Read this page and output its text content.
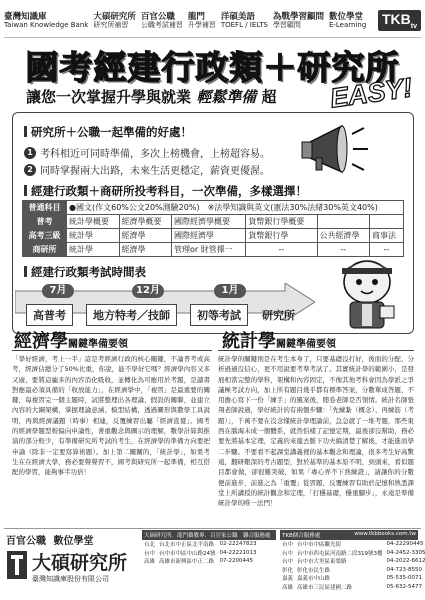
臺灣知識庫
Taiwan Knowledge Bank
大碩研究所
研究所補習
百官公職
公職考試補習
龍門
升學補習
洋碩美語
TOEFL / IELTS
為戰學習顧問
學習顧問
數位學堂
E-Learning $TKB_{tv}$
國考經建行政類＋研究所
讓您一次掌握升學與就業 輕鬆準備 超 EASY!
研究所＋公職一起準備的好處！
1 考科相近可同時準備，多次上榜機會，上榜超容易。
2 同時掌握兩大出路，未來生活更穩定，薪資更優渥。
經建行政類＋商研所投考科目，一次準備，多樣選擇！
普通科目	●國文(作文60%公文20%測驗20%)　※法學知識與英文(憲法30%法緒30%英文40%)					
普考	統計學概要	經濟學概要	國際經濟學概要	貨幣銀行學概要		
高考三級	統計學	經濟學	國際經濟學	貨幣銀行學	公共經濟學	商事法
商研所	統計學	經濟學	管理or 財管擇一	--	--	--
經建行政類考試時間表
7月	12月	1月
高普考	地方特考／技師	初等考試	研究所
經濟學關鍵準備要領
「學好經濟，考上一半」這是考經濟行政的核心關鍵，不論普考或高考，經濟佔總分了50%比重，你說，能不學好它嗎？經濟學內容又多又廣，要將這龐多的內容消化吸收，並轉化為可應用於考題，是讀書對應最必須具備的「收放能力」，在經濟學中，「複習」是最重要的關鍵，每複習完一個主題時，試將整理出各理論，假設的關聯，並建立內容的大綱架構，掌握理論意涵、模型結構，透過圖形與數學工具說明，再與經濟議題（時事）相連，反覆練習出屬「經濟直覺」。國考的經濟學題型較偏向申論性，著重觀念與圖示的理解，數學計算與推演的部分較少，有準備研究所考試的考生，在經濟學的準備方向要把申論（除非一定要寫算術題）。加上第二關關的，「統計學」，如果考生在在經濟大學，務必要聲聲習不，國考與研究所一起準備，相互搭配的學習，能夠事半功倍！
統計學關鍵準備要領
統計學的關鍵則是在考生本身了，只要基礎沒打好，後面的分配、分析過過沒信心，更不用說要考準考試了。其實統計學的範圍小，是發展相當完整的學科，架構和內容固定，不像其他考科會因為學派之爭議極考試方向，加上所有題目幾乎都有標準答案，分數單成答題，不用擔心寫下一份「練手」的風案後，閱卷老師是否領情。統計名師張翔老師說過，學好統計的有兩個步驟：「先練紮（概念）、再練筋（考題）」，千萬不要在沒念懂統計學理論前，急急就了一堆考題，那些東西在腦海未成一個體系，就然怕樣了記憶定期，最後卻沒幫助，務必要先將基本定理，定義的來龍去脈下功夫搞清楚了解後，才能進而學二步驟。不要看不起課堂講義裡的基本觀念和理論，很多考生好高驚遠，翻研艱深的考古題型，對於基準的基本原不明，到頭來，看似題目都會做，卻很難突破，如果「專心弄不下熟練證」，請讓你的分數便前進步，前進之為「重覆」從習題，反覆練習有助於記憶和熟悉課堂上所講授的統計觀念和定理，「打穩基礎，穩重腳步」，永遠是準備統計學的唯一法門！
百官公職 數位學堂
大碩研究所
臺灣知識庫股份有限公司
大碩研究所．龍門僑教專．百官家公職　聯合服務處
台北	台北市中正區北平南路	02-22247823
台中	台中市中區中山路24號	04-22221013
高雄	高雄市新興區中正二路	07-2200445
TKB個合服務處	www.tkbbooks.com.tw
台中	台中市中區繼光街	04-22290445
台中	台中市西屯區河南路二段319號3樓	04-2452-3305
台中	台中市大里區東榮路	04-2022-6612
彰化	彰化市民生路	04-723-8550
嘉義	嘉義市中山路	05-535-0071
高雄	高雄市三民區建國二路	05-632-5477
